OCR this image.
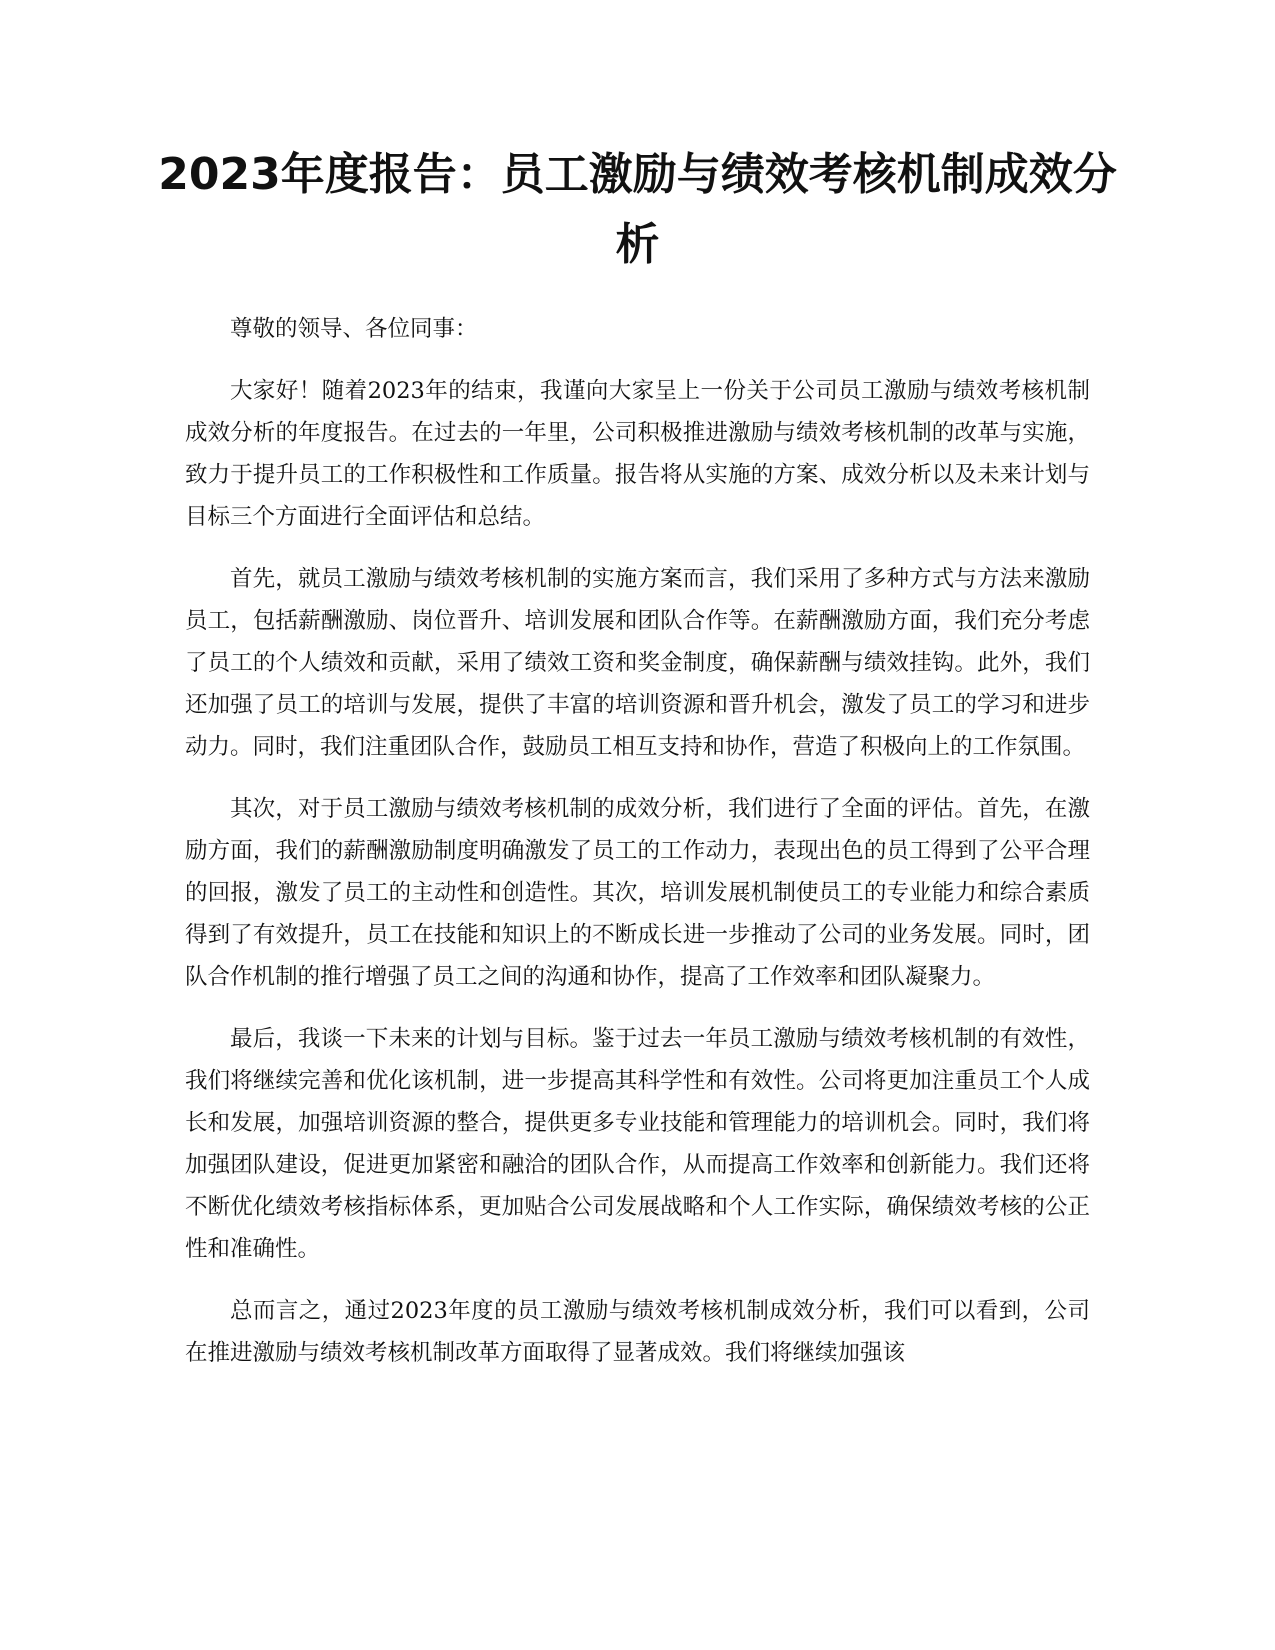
2023年度报告：员工激励与绩效考核机制成效分析

尊敬的领导、各位同事：

大家好！随着2023年的结束，我谨向大家呈上一份关于公司员工激励与绩效考核机制成效分析的年度报告。在过去的一年里，公司积极推进激励与绩效考核机制的改革与实施，致力于提升员工的工作积极性和工作质量。报告将从实施的方案、成效分析以及未来计划与目标三个方面进行全面评估和总结。

首先，就员工激励与绩效考核机制的实施方案而言，我们采用了多种方式与方法来激励员工，包括薪酬激励、岗位晋升、培训发展和团队合作等。在薪酬激励方面，我们充分考虑了员工的个人绩效和贡献，采用了绩效工资和奖金制度，确保薪酬与绩效挂钩。此外，我们还加强了员工的培训与发展，提供了丰富的培训资源和晋升机会，激发了员工的学习和进步动力。同时，我们注重团队合作，鼓励员工相互支持和协作，营造了积极向上的工作氛围。

其次，对于员工激励与绩效考核机制的成效分析，我们进行了全面的评估。首先，在激励方面，我们的薪酬激励制度明确激发了员工的工作动力，表现出色的员工得到了公平合理的回报，激发了员工的主动性和创造性。其次，培训发展机制使员工的专业能力和综合素质得到了有效提升，员工在技能和知识上的不断成长进一步推动了公司的业务发展。同时，团队合作机制的推行增强了员工之间的沟通和协作，提高了工作效率和团队凝聚力。

最后，我谈一下未来的计划与目标。鉴于过去一年员工激励与绩效考核机制的有效性，我们将继续完善和优化该机制，进一步提高其科学性和有效性。公司将更加注重员工个人成长和发展，加强培训资源的整合，提供更多专业技能和管理能力的培训机会。同时，我们将加强团队建设，促进更加紧密和融洽的团队合作，从而提高工作效率和创新能力。我们还将不断优化绩效考核指标体系，更加贴合公司发展战略和个人工作实际，确保绩效考核的公正性和准确性。

总而言之，通过2023年度的员工激励与绩效考核机制成效分析，我们可以看到，公司在推进激励与绩效考核机制改革方面取得了显著成效。我们将继续加强该
